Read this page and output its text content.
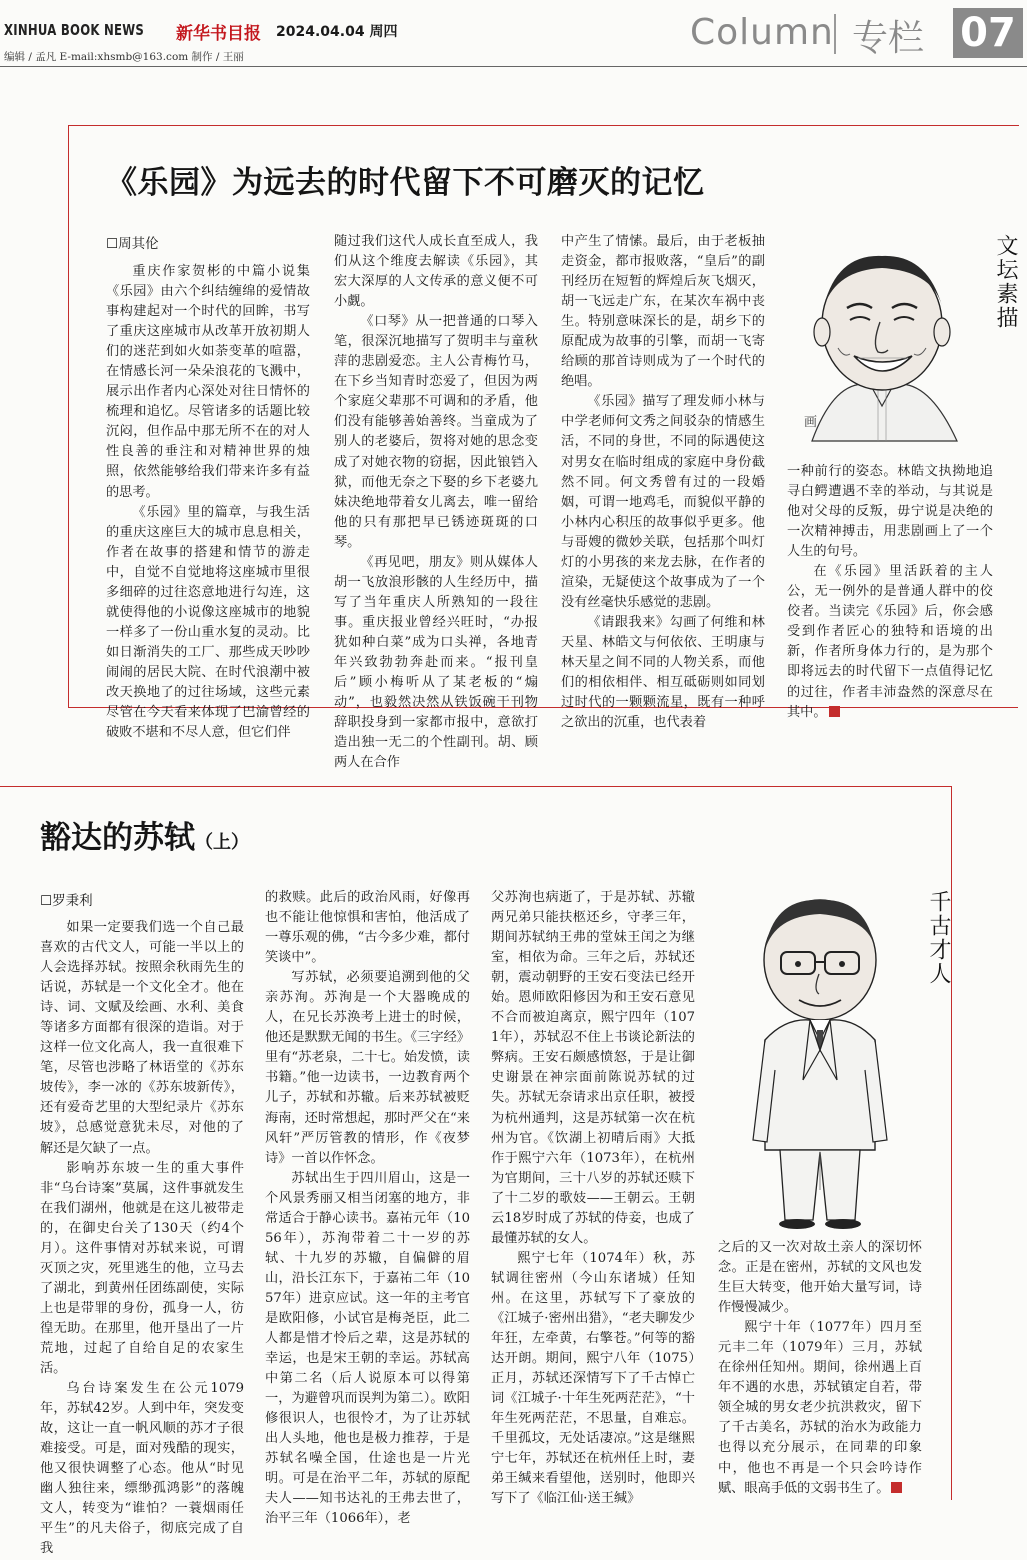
XINHUA BOOK NEWS 新华书目报 2024.04.04 周四
编辑 / 孟凡 E-mail:xhsmb@163.com 制作 / 王丽
Column 专栏 07
《乐园》为远去的时代留下不可磨灭的记忆
☐周其伦

重庆作家贺彬的中篇小说集《乐园》由六个纠结缠绵的爱情故事构建起对一个时代的回眸，书写了重庆这座城市从改革开放初期人们的迷茫到如火如荼变革的喧嚣，在情感长河一朵朵浪花的飞溅中，展示出作者内心深处对往日情怀的梳理和追忆。尽管诸多的话题比较沉闷，但作品中那无所不在的对人性良善的垂注和对精神世界的烛照，依然能够给我们带来许多有益的思考。

《乐园》里的篇章，与我生活的重庆这座巨大的城市息息相关，作者在故事的搭建和情节的游走中，自觉不自觉地将这座城市里很多细碎的过往恣意地进行勾连，这就使得他的小说像这座城市的地貌一样多了一份山重水复的灵动。比如日渐消失的工厂、那些成天吵吵闹闹的居民大院、在时代浪潮中被改天换地了的过往场域，这些元素尽管在今天看来体现了巴渝曾经的破败不堪和不尽人意，但它们伴

随过我们这代人成长直至成人，我们从这个维度去解读《乐园》，其宏大深厚的人文传承的意义便不可小觑。

《口琴》从一把普通的口琴入笔，很深沉地描写了贺明丰与童秋萍的悲剧爱恋。主人公青梅竹马，在下乡当知青时恋爱了，但因为两个家庭父辈那不可调和的矛盾，他们没有能够善始善终。当童成为了别人的老婆后，贺将对她的思念变成了对她衣物的窃据，因此锒铛入狱，而他无奈之下娶的乡下老婆九妹决绝地带着女儿离去，唯一留给他的只有那把早已锈迹斑斑的口琴。

《再见吧，朋友》则从媒体人胡一飞放浪形骸的人生经历中，描写了当年重庆人所熟知的一段往事。重庆报业曾经兴旺时，“办报犹如种白菜”成为口头禅，各地青年兴致勃勃奔赴而来。“报刊皇后”顾小梅听从了某老板的“煽动”，也毅然决然从铁饭碗干刊物辞职投身到一家都市报中，意欲打造出独一无二的个性副刊。胡、顾两人在合作

中产生了情愫。最后，由于老板抽走资金，都市报败落，“皇后”的副刊经历在短暂的辉煌后灰飞烟灭，胡一飞远走广东，在某次车祸中丧生。特别意味深长的是，胡乡下的原配成为故事的引擎，而胡一飞寄给顾的那首诗则成为了一个时代的绝唱。

《乐园》描写了理发师小林与中学老师何文秀之间驳杂的情感生活，不同的身世，不同的际遇使这对男女在临时组成的家庭中身份截然不同。何文秀曾有过的一段婚姻，可谓一地鸡毛，而貌似平静的小林内心积压的故事似乎更多。他与哥嫂的微妙关联，包括那个叫灯灯的小男孩的来龙去脉，在作者的渲染，无疑使这个故事成为了一个没有丝毫快乐感觉的悲剧。

《请跟我来》勾画了何维和林天星、林皓文与何依依、王明康与林天星之间不同的人物关系，而他们的相依相伴、相互砥砺则如同划过时代的一颗颗流星，既有一种呼之欲出的沉重，也代表着

一种前行的姿态。林皓文执拗地追寻白鳄遭遇不幸的举动，与其说是他对父母的反叛，毋宁说是决绝的一次精神搏击，用悲剧画上了一个人生的句号。

在《乐园》里活跃着的主人公，无一例外的是普通人群中的佼佼者。当读完《乐园》后，你会感受到作者匠心的独特和语境的出新，作者所身体力行的，是为那个即将远去的时代留下一点值得记忆的过往，作者丰沛盎然的深意尽在其中。

文坛素描
画
豁达的苏轼（上）
☐罗秉利

如果一定要我们选一个自己最喜欢的古代文人，可能一半以上的人会选择苏轼。按照余秋雨先生的话说，苏轼是一个文化全才。他在诗、词、文赋及绘画、水利、美食等诸多方面都有很深的造诣。对于这样一位文化高人，我一直很难下笔，尽管也涉略了林语堂的《苏东坡传》，李一冰的《苏东坡新传》，还有爱奇艺里的大型纪录片《苏东坡》，总感觉意犹未尽，对他的了解还是欠缺了一点。

影响苏东坡一生的重大事件非“乌台诗案”莫属，这件事就发生在我们湖州，他就是在这儿被带走的，在御史台关了130天（约4个月）。这件事情对苏轼来说，可谓灭顶之灾，死里逃生的他，立马去了湖北，到黄州任团练副使，实际上也是带罪的身份，孤身一人，彷徨无助。在那里，他开垦出了一片荒地，过起了自给自足的农家生活。

乌台诗案发生在公元1079年，苏轼42岁。人到中年，突发变故，这让一直一帆风顺的苏才子很难接受。可是，面对残酷的现实，他又很快调整了心态。他从“时见幽人独往来，缥缈孤鸿影”的落魄文人，转变为“谁怕？一蓑烟雨任平生”的凡夫俗子，彻底完成了自我

的救赎。此后的政治风雨，好像再也不能让他惊惧和害怕，他活成了一尊乐观的佛，“古今多少难，都付笑谈中”。

写苏轼，必须要追溯到他的父亲苏洵。苏洵是一个大器晚成的人，在兄长苏涣考上进士的时候，他还是默默无闻的书生。《三字经》里有“苏老泉，二十七。始发愤，读书籍。”他一边读书，一边教育两个儿子，苏轼和苏辙。后来苏轼被贬海南，还时常想起，那时严父在“来风轩”严厉管教的情形，作《夜梦诗》一首以作怀念。

苏轼出生于四川眉山，这是一个风景秀丽又相当闭塞的地方，非常适合于静心读书。嘉祐元年（1056年），苏洵带着二十一岁的苏轼、十九岁的苏辙，自偏僻的眉山，沿长江东下，于嘉祐二年（1057年）进京应试。这一年的主考官是欧阳修，小试官是梅尧臣，此二人都是惜才怜后之辈，这是苏轼的幸运，也是宋王朝的幸运。苏轼高中第二名（后人说原本可以得第一，为避曾巩而误判为第二）。欧阳修很识人，也很怜才，为了让苏轼出人头地，他也是极力推荐，于是苏轼名噪全国，仕途也是一片光明。可是在治平二年，苏轼的原配夫人——知书达礼的王弗去世了，治平三年（1066年），老

父苏洵也病逝了，于是苏轼、苏辙两兄弟只能扶柩还乡，守孝三年，期间苏轼纳王弗的堂妹王闰之为继室，相依为命。三年之后，苏轼还朝，震动朝野的王安石变法已经开始。恩师欧阳修因为和王安石意见不合而被迫离京，熙宁四年（1071年），苏轼忍不住上书谈论新法的弊病。王安石颇感愤怒，于是让御史谢景在神宗面前陈说苏轼的过失。苏轼无奈请求出京任职，被授为杭州通判，这是苏轼第一次在杭州为官。《饮湖上初晴后雨》大抵作于熙宁六年（1073年），在杭州为官期间，三十八岁的苏轼还赎下了十二岁的歌妓——王朝云。王朝云18岁时成了苏轼的侍妾，也成了最懂苏轼的女人。

熙宁七年（1074年）秋，苏轼调往密州（今山东诸城）任知州。在这里，苏轼写下了豪放的《江城子·密州出猎》，“老夫聊发少年狂，左牵黄，右擎苍。”何等的豁达开朗。期间，熙宁八年（1075）正月，苏轼还深情写下了千古悼亡词《江城子·十年生死两茫茫》，“十年生死两茫茫，不思量，自难忘。千里孤坟，无处话凄凉。”这是继熙宁七年，苏轼还在杭州任上时，妻弟王缄来看望他，送别时，他即兴写下了《临江仙·送王缄》

之后的又一次对故土亲人的深切怀念。正是在密州，苏轼的文风也发生巨大转变，他开始大量写词，诗作慢慢减少。

熙宁十年（1077年）四月至元丰二年（1079年）三月，苏轼在徐州任知州。期间，徐州遇上百年不遇的水患，苏轼镇定自若，带领全城的男女老少抗洪救灾，留下了千古美名，苏轼的治水为政能力也得以充分展示，在同辈的印象中，他也不再是一个只会吟诗作赋、眼高手低的文弱书生了。

千古才人
